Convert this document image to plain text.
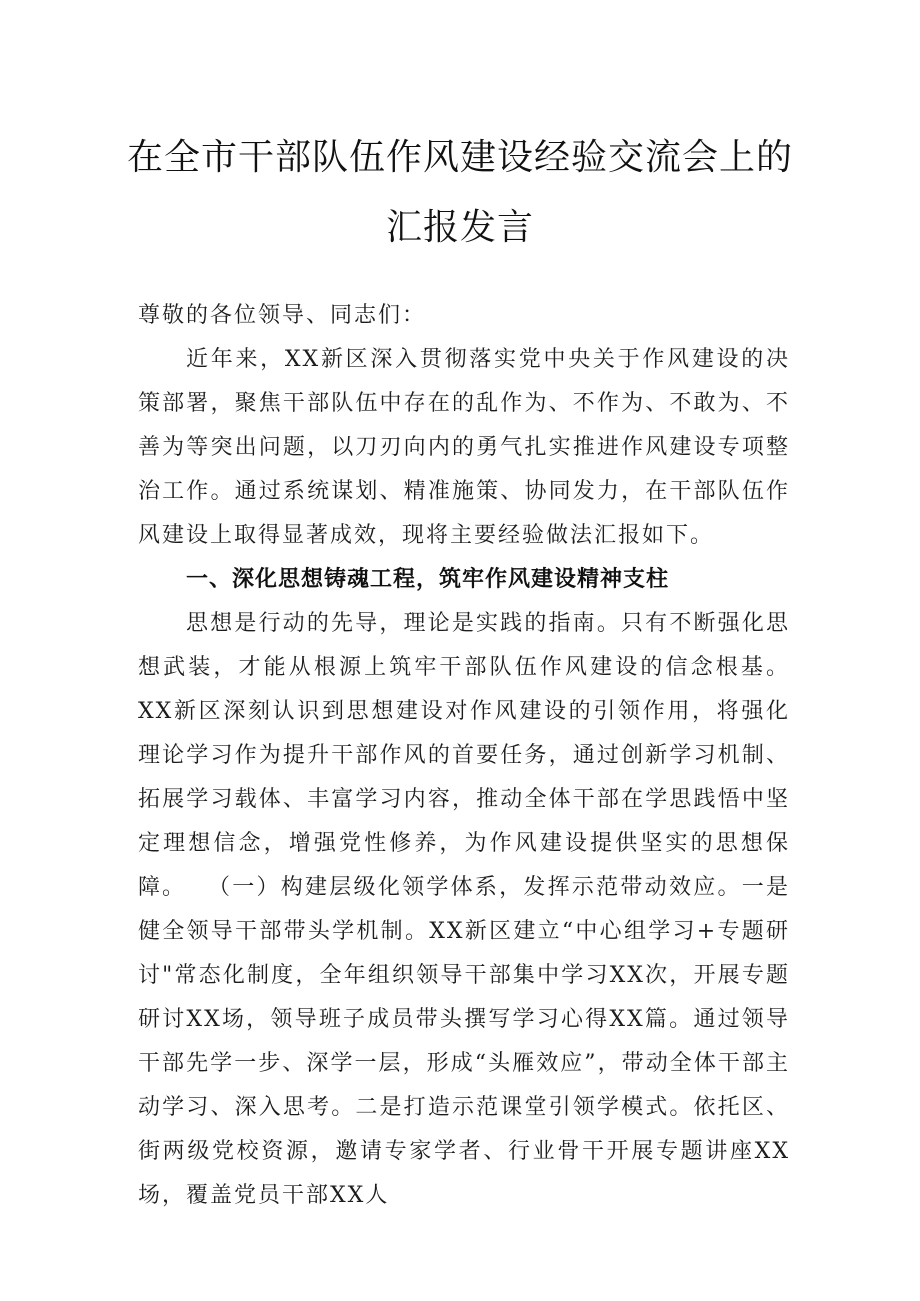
在全市干部队伍作风建设经验交流会上的
汇报发言
尊敬的各位领导、同志们：
近年来，XX新区深入贯彻落实党中央关于作风建设的决策部署，聚焦干部队伍中存在的乱作为、不作为、不敢为、不善为等突出问题，以刀刃向内的勇气扎实推进作风建设专项整治工作。通过系统谋划、精准施策、协同发力，在干部队伍作风建设上取得显著成效，现将主要经验做法汇报如下。
一、深化思想铸魂工程，筑牢作风建设精神支柱
思想是行动的先导，理论是实践的指南。只有不断强化思想武装，才能从根源上筑牢干部队伍作风建设的信念根基。XX新区深刻认识到思想建设对作风建设的引领作用，将强化理论学习作为提升干部作风的首要任务，通过创新学习机制、拓展学习载体、丰富学习内容，推动全体干部在学思践悟中坚定理想信念，增强党性修养，为作风建设提供坚实的思想保障。 （一）构建层级化领学体系，发挥示范带动效应。一是健全领导干部带头学机制。XX新区建立“中心组学习+专题研讨"常态化制度，全年组织领导干部集中学习XX次，开展专题研讨XX场，领导班子成员带头撰写学习心得XX篇。通过领导干部先学一步、深学一层，形成“头雁效应”，带动全体干部主动学习、深入思考。二是打造示范课堂引领学模式。依托区、街两级党校资源，邀请专家学者、行业骨干开展专题讲座XX场，覆盖党员干部XX人
